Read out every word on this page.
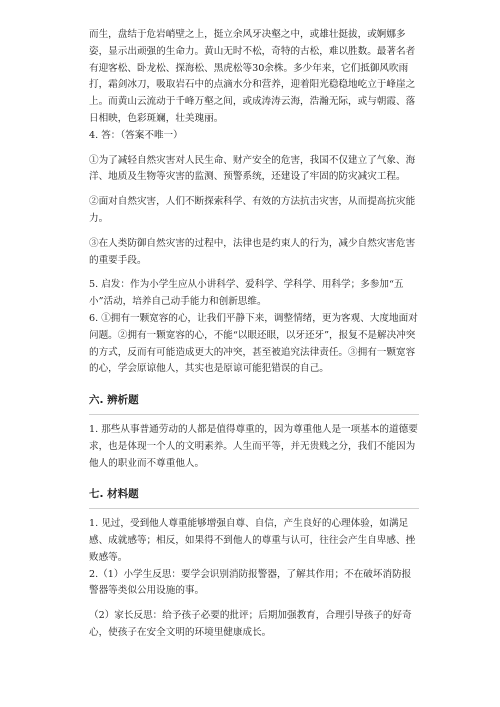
而生，盘结于危岩峭壁之上，挺立余风牙决壑之中，或雄壮挺拔，或婀娜多姿，显示出顽强的生命力。黄山无时不松，奇特的古松，难以胜数。最著名者有迎客松、卧龙松、探海松、黑虎松等30余株。多少年来，它们抵御风吹雨打，霜剑冰刀，吸取岩石中的点滴水分和营养，迎着阳光稳稳地屹立于峰崖之上。而黄山云流动于千峰万壑之间，或成涛涛云海，浩瀚无际，或与朝霞、落日相映，色彩斑斓，壮美瑰丽。

4. 答：（答案不唯一）

①为了减轻自然灾害对人民生命、财产安全的危害，我国不仅建立了气象、海洋、地质及生物等灾害的监测、预警系统，还建设了牢固的防灾减灾工程。

②面对自然灾害，人们不断探索科学、有效的方法抗击灾害，从而提高抗灾能力。

③在人类防御自然灾害的过程中，法律也是约束人的行为，减少自然灾害危害的重要手段。

5. 启发：作为小学生应从小讲科学、爱科学、学科学、用科学；多参加“五小”活动，培养自己动手能力和创新思维。

6. ①拥有一颗宽容的心，让我们平静下来，调整情绪，更为客观、大度地面对问题。②拥有一颗宽容的心，不能“以眼还眼，以牙还牙”，报复不是解决冲突的方式，反而有可能造成更大的冲突，甚至被追究法律责任。③拥有一颗宽容的心，学会原谅他人，其实也是原谅可能犯错误的自己。

六. 辨析题

1. 那些从事普通劳动的人都是值得尊重的，因为尊重他人是一项基本的道德要求，也是体现一个人的文明素养。人生而平等，并无贵贱之分，我们不能因为他人的职业而不尊重他人。

七. 材料题

1. 见过，受到他人尊重能够增强自尊、自信，产生良好的心理体验，如满足感、成就感等；相反，如果得不到他人的尊重与认可，往往会产生自卑感、挫败感等。

2.（1）小学生反思：要学会识别消防报警器，了解其作用；不在破坏消防报警器等类似公用设施的事。

（2）家长反思：给予孩子必要的批评；后期加强教育，合理引导孩子的好奇心，使孩子在安全文明的环境里健康成长。
